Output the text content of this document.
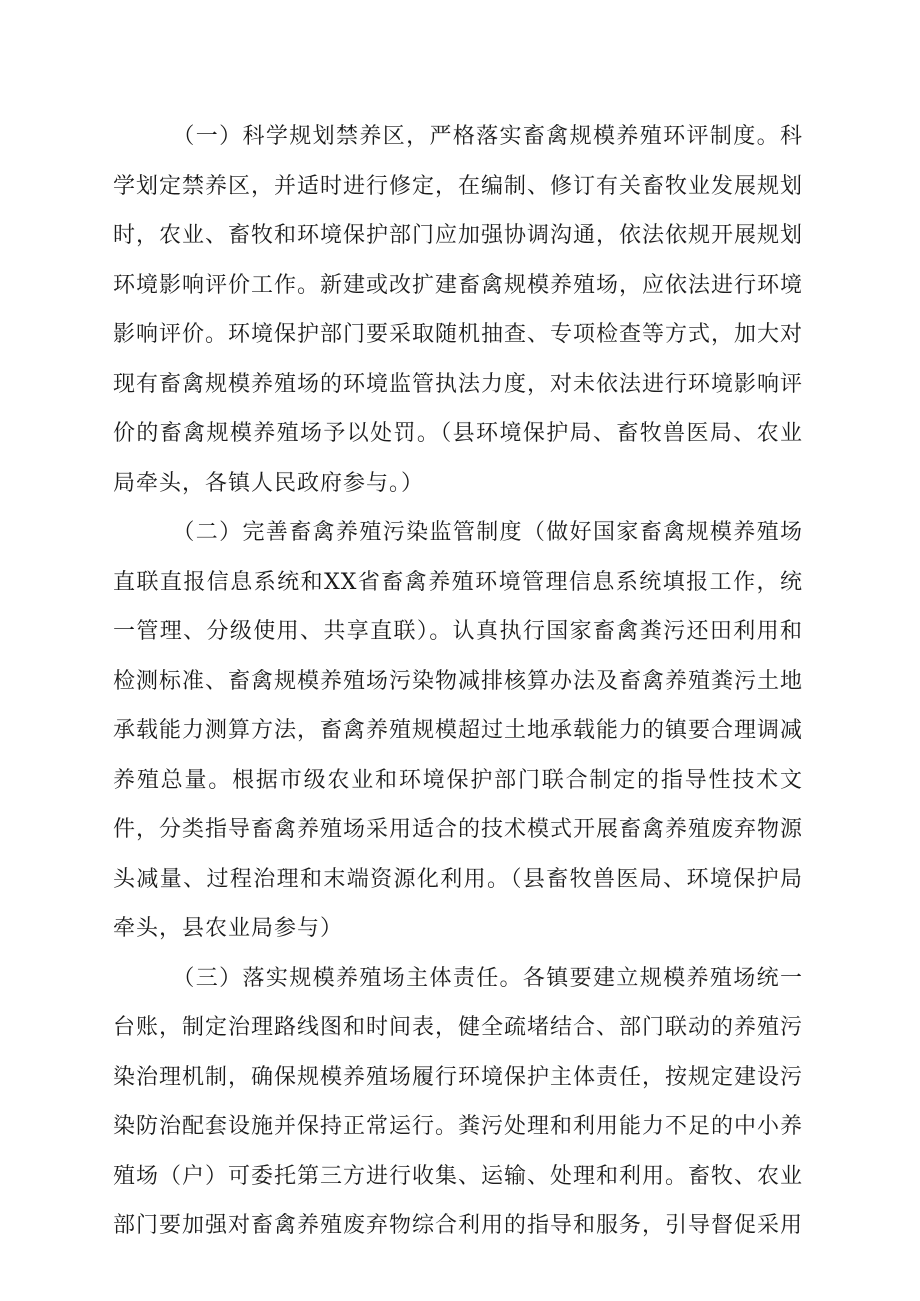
（一）科学规划禁养区，严格落实畜禽规模养殖环评制度。科学划定禁养区，并适时进行修定，在编制、修订有关畜牧业发展规划时，农业、畜牧和环境保护部门应加强协调沟通，依法依规开展规划环境影响评价工作。新建或改扩建畜禽规模养殖场，应依法进行环境影响评价。环境保护部门要采取随机抽查、专项检查等方式，加大对现有畜禽规模养殖场的环境监管执法力度，对未依法进行环境影响评价的畜禽规模养殖场予以处罚。（县环境保护局、畜牧兽医局、农业局牵头，各镇人民政府参与。）

（二）完善畜禽养殖污染监管制度（做好国家畜禽规模养殖场直联直报信息系统和XX省畜禽养殖环境管理信息系统填报工作，统一管理、分级使用、共享直联）。认真执行国家畜禽粪污还田利用和检测标准、畜禽规模养殖场污染物减排核算办法及畜禽养殖粪污土地承载能力测算方法，畜禽养殖规模超过土地承载能力的镇要合理调减养殖总量。根据市级农业和环境保护部门联合制定的指导性技术文件，分类指导畜禽养殖场采用适合的技术模式开展畜禽养殖废弃物源头减量、过程治理和末端资源化利用。（县畜牧兽医局、环境保护局牵头，县农业局参与）

（三）落实规模养殖场主体责任。各镇要建立规模养殖场统一台账，制定治理路线图和时间表，健全疏堵结合、部门联动的养殖污染治理机制，确保规模养殖场履行环境保护主体责任，按规定建设污染防治配套设施并保持正常运行。粪污处理和利用能力不足的中小养殖场（户）可委托第三方进行收集、运输、处理和利用。畜牧、农业部门要加强对畜禽养殖废弃物综合利用的指导和服务，引导督促采用
